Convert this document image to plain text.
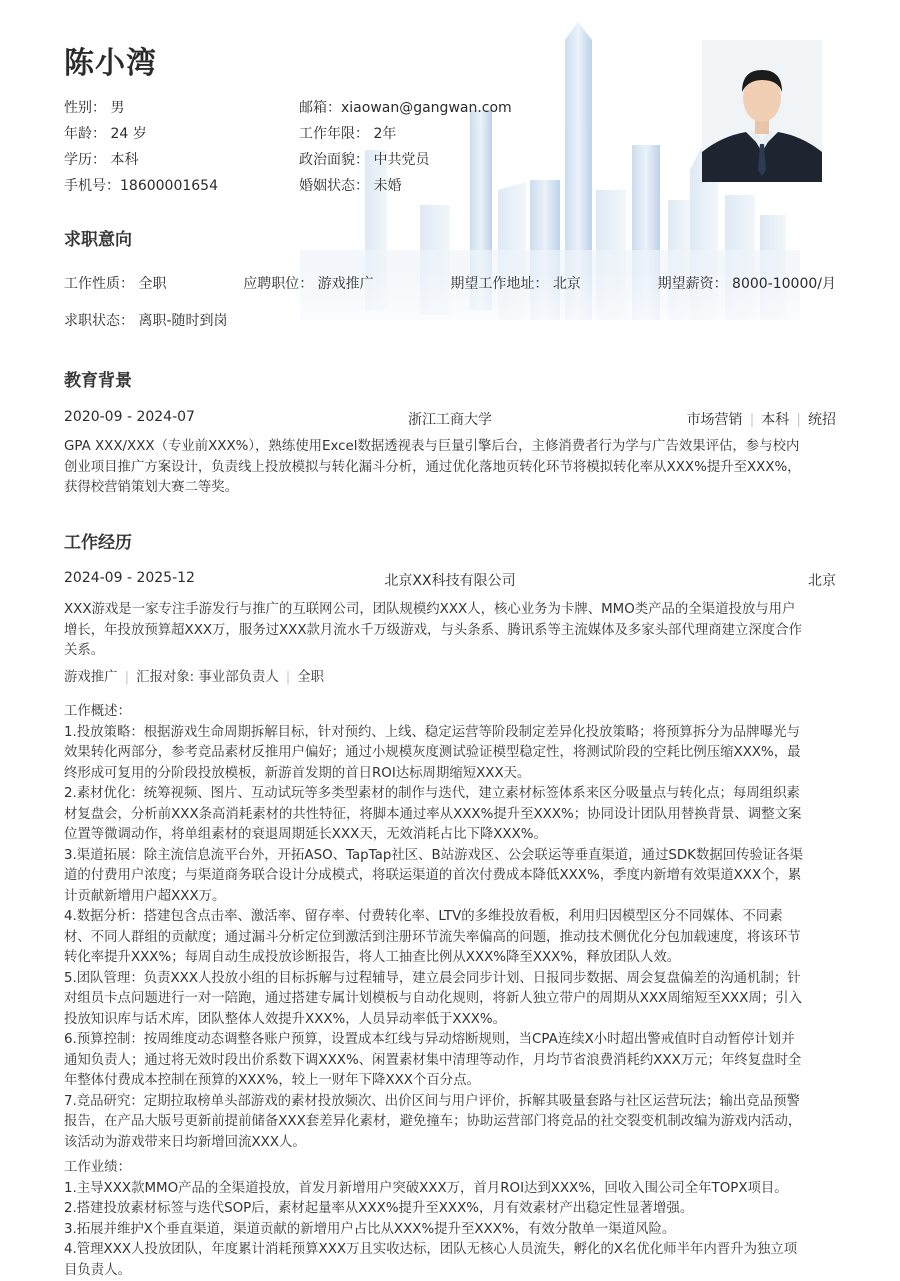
陈小湾
性别： 男	邮箱：xiaowan@gangwan.com
年龄： 24 岁	工作年限： 2年
学历： 本科	政治面貌： 中共党员
手机号：18600001654	婚姻状态： 未婚
求职意向
工作性质： 全职	应聘职位： 游戏推广	期望工作地址： 北京	期望薪资： 8000-10000/月
求职状态： 离职-随时到岗
教育背景
2020-09 - 2024-07	浙江工商大学	市场营销 | 本科 | 统招
GPA XXX/XXX（专业前XXX%），熟练使用Excel数据透视表与巨量引擎后台，主修消费者行为学与广告效果评估，参与校内
创业项目推广方案设计，负责线上投放模拟与转化漏斗分析，通过优化落地页转化环节将模拟转化率从XXX%提升至XXX%，
获得校营销策划大赛二等奖。
工作经历
2024-09 - 2025-12	北京XX科技有限公司	北京
XXX游戏是一家专注手游发行与推广的互联网公司，团队规模约XXX人，核心业务为卡牌、MMO类产品的全渠道投放与用户
增长，年投放预算超XXX万，服务过XXX款月流水千万级游戏，与头条系、腾讯系等主流媒体及多家头部代理商建立深度合作
关系。
游戏推广 | 汇报对象: 事业部负责人 | 全职
工作概述：
1.投放策略：根据游戏生命周期拆解目标，针对预约、上线、稳定运营等阶段制定差异化投放策略；将预算拆分为品牌曝光与
效果转化两部分，参考竞品素材反推用户偏好；通过小规模灰度测试验证模型稳定性，将测试阶段的空耗比例压缩XXX%，最
终形成可复用的分阶段投放模板，新游首发期的首日ROI达标周期缩短XXX天。
2.素材优化：统筹视频、图片、互动试玩等多类型素材的制作与迭代，建立素材标签体系来区分吸量点与转化点；每周组织素
材复盘会，分析前XXX条高消耗素材的共性特征，将脚本通过率从XXX%提升至XXX%；协同设计团队用替换背景、调整文案
位置等微调动作，将单组素材的衰退周期延长XXX天，无效消耗占比下降XXX%。
3.渠道拓展：除主流信息流平台外，开拓ASO、TapTap社区、B站游戏区、公会联运等垂直渠道，通过SDK数据回传验证各渠
道的付费用户浓度；与渠道商务联合设计分成模式，将联运渠道的首次付费成本降低XXX%，季度内新增有效渠道XXX个，累
计贡献新增用户超XXX万。
4.数据分析：搭建包含点击率、激活率、留存率、付费转化率、LTV的多维投放看板，利用归因模型区分不同媒体、不同素
材、不同人群组的贡献度；通过漏斗分析定位到激活到注册环节流失率偏高的问题，推动技术侧优化分包加载速度，将该环节
转化率提升XXX%；每周自动生成投放诊断报告，将人工抽查比例从XXX%降至XXX%，释放团队人效。
5.团队管理：负责XXX人投放小组的目标拆解与过程辅导，建立晨会同步计划、日报同步数据、周会复盘偏差的沟通机制；针
对组员卡点问题进行一对一陪跑，通过搭建专属计划模板与自动化规则，将新人独立带户的周期从XXX周缩短至XXX周；引入
投放知识库与话术库，团队整体人效提升XXX%，人员异动率低于XXX%。
6.预算控制：按周维度动态调整各账户预算，设置成本红线与异动熔断规则，当CPA连续X小时超出警戒值时自动暂停计划并
通知负责人；通过将无效时段出价系数下调XXX%、闲置素材集中清理等动作，月均节省浪费消耗约XXX万元；年终复盘时全
年整体付费成本控制在预算的XXX%，较上一财年下降XXX个百分点。
7.竞品研究：定期拉取榜单头部游戏的素材投放频次、出价区间与用户评价，拆解其吸量套路与社区运营玩法；输出竞品预警
报告，在产品大版号更新前提前储备XXX套差异化素材，避免撞车；协助运营部门将竞品的社交裂变机制改编为游戏内活动，
该活动为游戏带来日均新增回流XXX人。
工作业绩：
1.主导XXX款MMO产品的全渠道投放，首发月新增用户突破XXX万，首月ROI达到XXX%，回收入围公司全年TOPX项目。
2.搭建投放素材标签与迭代SOP后，素材起量率从XXX%提升至XXX%，月有效素材产出稳定性显著增强。
3.拓展并维护X个垂直渠道，渠道贡献的新增用户占比从XXX%提升至XXX%，有效分散单一渠道风险。
4.管理XXX人投放团队，年度累计消耗预算XXX万且实收达标，团队无核心人员流失，孵化的X名优化师半年内晋升为独立项
目负责人。
